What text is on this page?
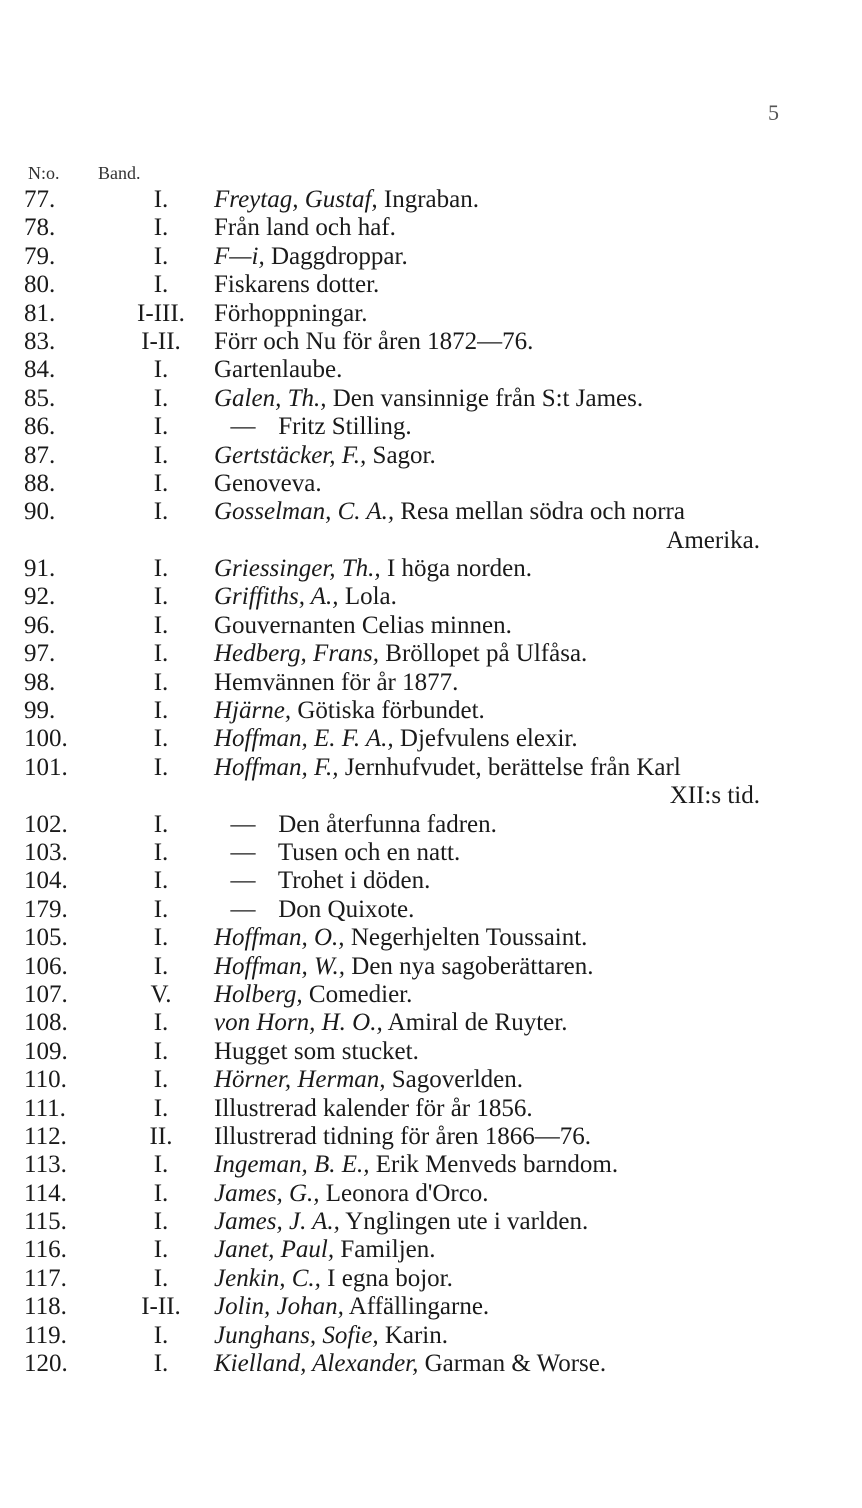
5
N:o. Band.
77.	I.	Freytag, Gustaf, Ingraban.
78.	I.	Från land och haf.
79.	I.	F—i, Daggdroppar.
80.	I.	Fiskarens dotter.
81.	I-III.	Förhoppningar.
83.	I-II.	Förr och Nu för åren 1872—76.
84.	I.	Gartenlaube.
85.	I.	Galen, Th., Den vansinnige från S:t James.
86.	I.	— Fritz Stilling.
87.	I.	Gertstäcker, F., Sagor.
88.	I.	Genoveva.
90.	I.	Gosselman, C. A., Resa mellan södra och norra
Amerika.
91.	I.	Griessinger, Th., I höga norden.
92.	I.	Griffiths, A., Lola.
96.	I.	Gouvernanten Celias minnen.
97.	I.	Hedberg, Frans, Bröllopet på Ulfåsa.
98.	I.	Hemvännen för år 1877.
99.	I.	Hjärne, Götiska förbundet.
100.	I.	Hoffman, E. F. A., Djefvulens elexir.
101.	I.	Hoffman, F., Jernhufvudet, berättelse från Karl
XII:s tid.
102.	I.	— Den återfunna fadren.
103.	I.	— Tusen och en natt.
104.	I.	— Trohet i döden.
179.	I.	— Don Quixote.
105.	I.	Hoffman, O., Negerhjelten Toussaint.
106.	I.	Hoffman, W., Den nya sagoberättaren.
107.	V.	Holberg, Comedier.
108.	I.	von Horn, H. O., Amiral de Ruyter.
109.	I.	Hugget som stucket.
110.	I.	Hörner, Herman, Sagoverlden.
111.	I.	Illustrerad kalender för år 1856.
112.	II.	Illustrerad tidning för åren 1866—76.
113.	I.	Ingeman, B. E., Erik Menveds barndom.
114.	I.	James, G., Leonora d'Orco.
115.	I.	James, J. A., Ynglingen ute i varlden.
116.	I.	Janet, Paul, Familjen.
117.	I.	Jenkin, C., I egna bojor.
118.	I-II.	Jolin, Johan, Affällingarne.
119.	I.	Junghans, Sofie, Karin.
120.	I.	Kielland, Alexander, Garman & Worse.
